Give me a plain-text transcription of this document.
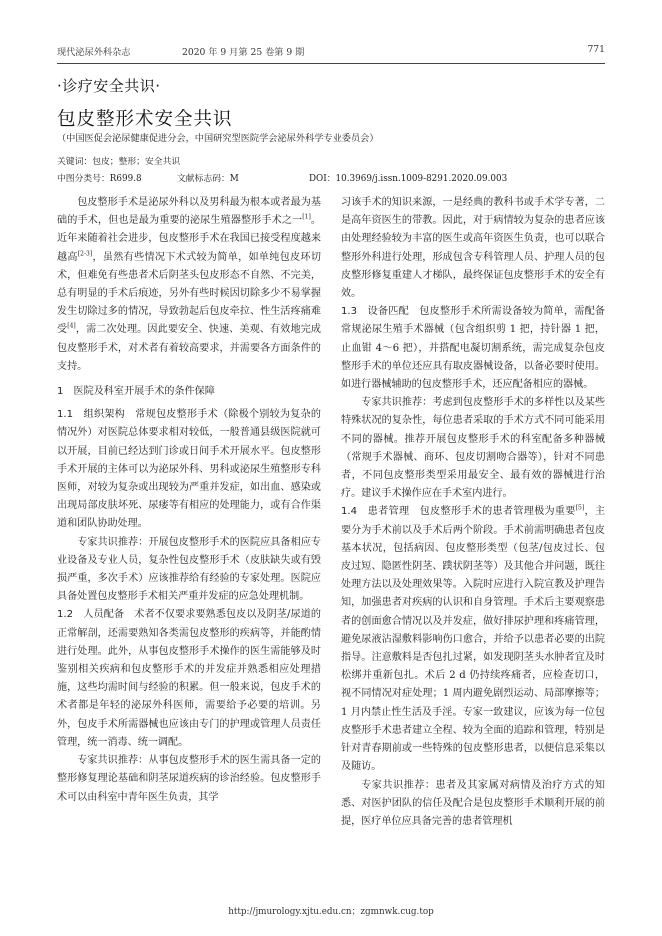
现代泌尿外科杂志	2020 年 9 月第 25 卷第 9 期	771
·诊疗安全共识·
包皮整形术安全共识
（中国医促会泌尿健康促进分会，中国研究型医院学会泌尿外科学专业委员会）
关键词：包皮；整形；安全共识
中图分类号：R699.8	文献标志码：M	DOI：10.3969/j.issn.1009-8291.2020.09.003

包皮整形手术是泌尿外科以及男科最为根本或者最为基础的手术，但也是最为重要的泌尿生殖器整形手术之一[1]。近年来随着社会进步，包皮整形手术在我国已接受程度越来越高[2-3]，虽然有些情况下术式较为简单，如单纯包皮环切术，但难免有些患者术后阴茎头包皮形态不自然、不完美，总有明显的手术后痕迹，另外有些时候因切除多少不易掌握发生切除过多的情况，导致勃起后包皮牵拉、性生活疼痛难受[4]，需二次处理。因此要安全、快速、美观、有效地完成包皮整形手术，对术者有着较高要求，并需要各方面条件的支持。

1　医院及科室开展手术的条件保障

1.1　组织架构　 常规包皮整形手术（除极个别较为复杂的情况外）对医院总体要求相对较低，一般普通县级医院就可以开展，目前已经达到门诊或日间手术开展水平。包皮整形手术开展的主体可以为泌尿外科、男科或泌尿生殖整形专科医师，对较为复杂或出现较为严重并发症，如出血、感染或出现局部皮肤坏死、尿瘘等有相应的处理能力，或有合作渠道和团队协助处理。

专家共识推荐：开展包皮整形手术的医院应具备相应专业设备及专业人员，复杂性包皮整形手术（皮肤缺失或有毁损严重，多次手术）应该推荐给有经验的专家处理。医院应具备处置包皮整形手术相关严重并发症的应急处理机制。

1.2　人员配备　 术者不仅要求要熟悉包皮以及阴茎/尿道的正常解剖，还需要熟知各类需包皮整形的疾病等，并能酌情进行处理。此外，从事包皮整形手术操作的医生需能够及时鉴别相关疾病和包皮整形手术的并发症并熟悉相应处理措施，这些均需时间与经验的积累。但一般来说，包皮手术的术者都是年轻的泌尿外科医师，需要给予必要的培训。另外，包皮手术所需器械也应该由专门的护理或管理人员责任管理，统一消毒、统一调配。

专家共识推荐：从事包皮整形手术的医生需具备一定的整形修复理论基础和阴茎尿道疾病的诊治经验。包皮整形手术可以由科室中青年医生负责，其学

习该手术的知识来源，一是经典的教科书或手术学专著，二是高年资医生的带教。因此，对于病情较为复杂的患者应该由处理经验较为丰富的医生或高年资医生负责，也可以联合整形外科进行处理，形成包含专科管理人员、护理人员的包皮整形修复重建人才梯队，最终保证包皮整形手术的安全有效。

1.3　设备匹配　 包皮整形手术所需设备较为简单，需配备常规泌尿生殖手术器械（包含组织剪 1 把，持针器 1 把，止血钳 4～6 把），并搭配电凝切割系统，需完成复杂包皮整形手术的单位还应具有取皮器械设备，以备必要时使用。如进行器械辅助的包皮整形手术，还应配备相应的器械。

专家共识推荐：考虑到包皮整形手术的多样性以及某些特殊状况的复杂性，每位患者采取的手术方式不同可能采用不同的器械。推荐开展包皮整形手术的科室配备多种器械（常规手术器械、商环、包皮切割吻合器等），针对不同患者，不同包皮整形类型采用最安全、最有效的器械进行治疗。建议手术操作应在手术室内进行。

1.4　患者管理　 包皮整形手术的患者管理极为重要[5]，主要分为手术前以及手术后两个阶段。手术前需明确患者包皮基本状况，包括病因、包皮整形类型（包茎/包皮过长、包皮过短、隐匿性阴茎、蹼状阴茎等）及其他合并问题，既往处理方法以及处理效果等。入院时应进行入院宣教及护理告知，加强患者对疾病的认识和自身管理。手术后主要观察患者的创面愈合情况以及并发症，做好排尿护理和疼痛管理，避免尿液沾湿敷料影响伤口愈合，并给予以患者必要的出院指导。注意敷料是否包扎过紧，如发现阴茎头水肿者宜及时松绑并重新包扎。术后 2 d 仍持续疼痛者，应检查切口，视不同情况对症处理；1 周内避免剧烈运动、局部摩擦等；1 月内禁止性生活及手淫。专家一致建议，应该为每一位包皮整形手术患者建立全程、较为全面的追踪和管理，特别是针对青春期前或一些特殊的包皮整形患者，以便信息采集以及随访。

专家共识推荐：患者及其家属对病情及治疗方式的知悉、对医护团队的信任及配合是包皮整形手术顺利开展的前提，医疗单位应具备完善的患者管理机

http://jmurology.xjtu.edu.cn；zgmnwk.cug.top
